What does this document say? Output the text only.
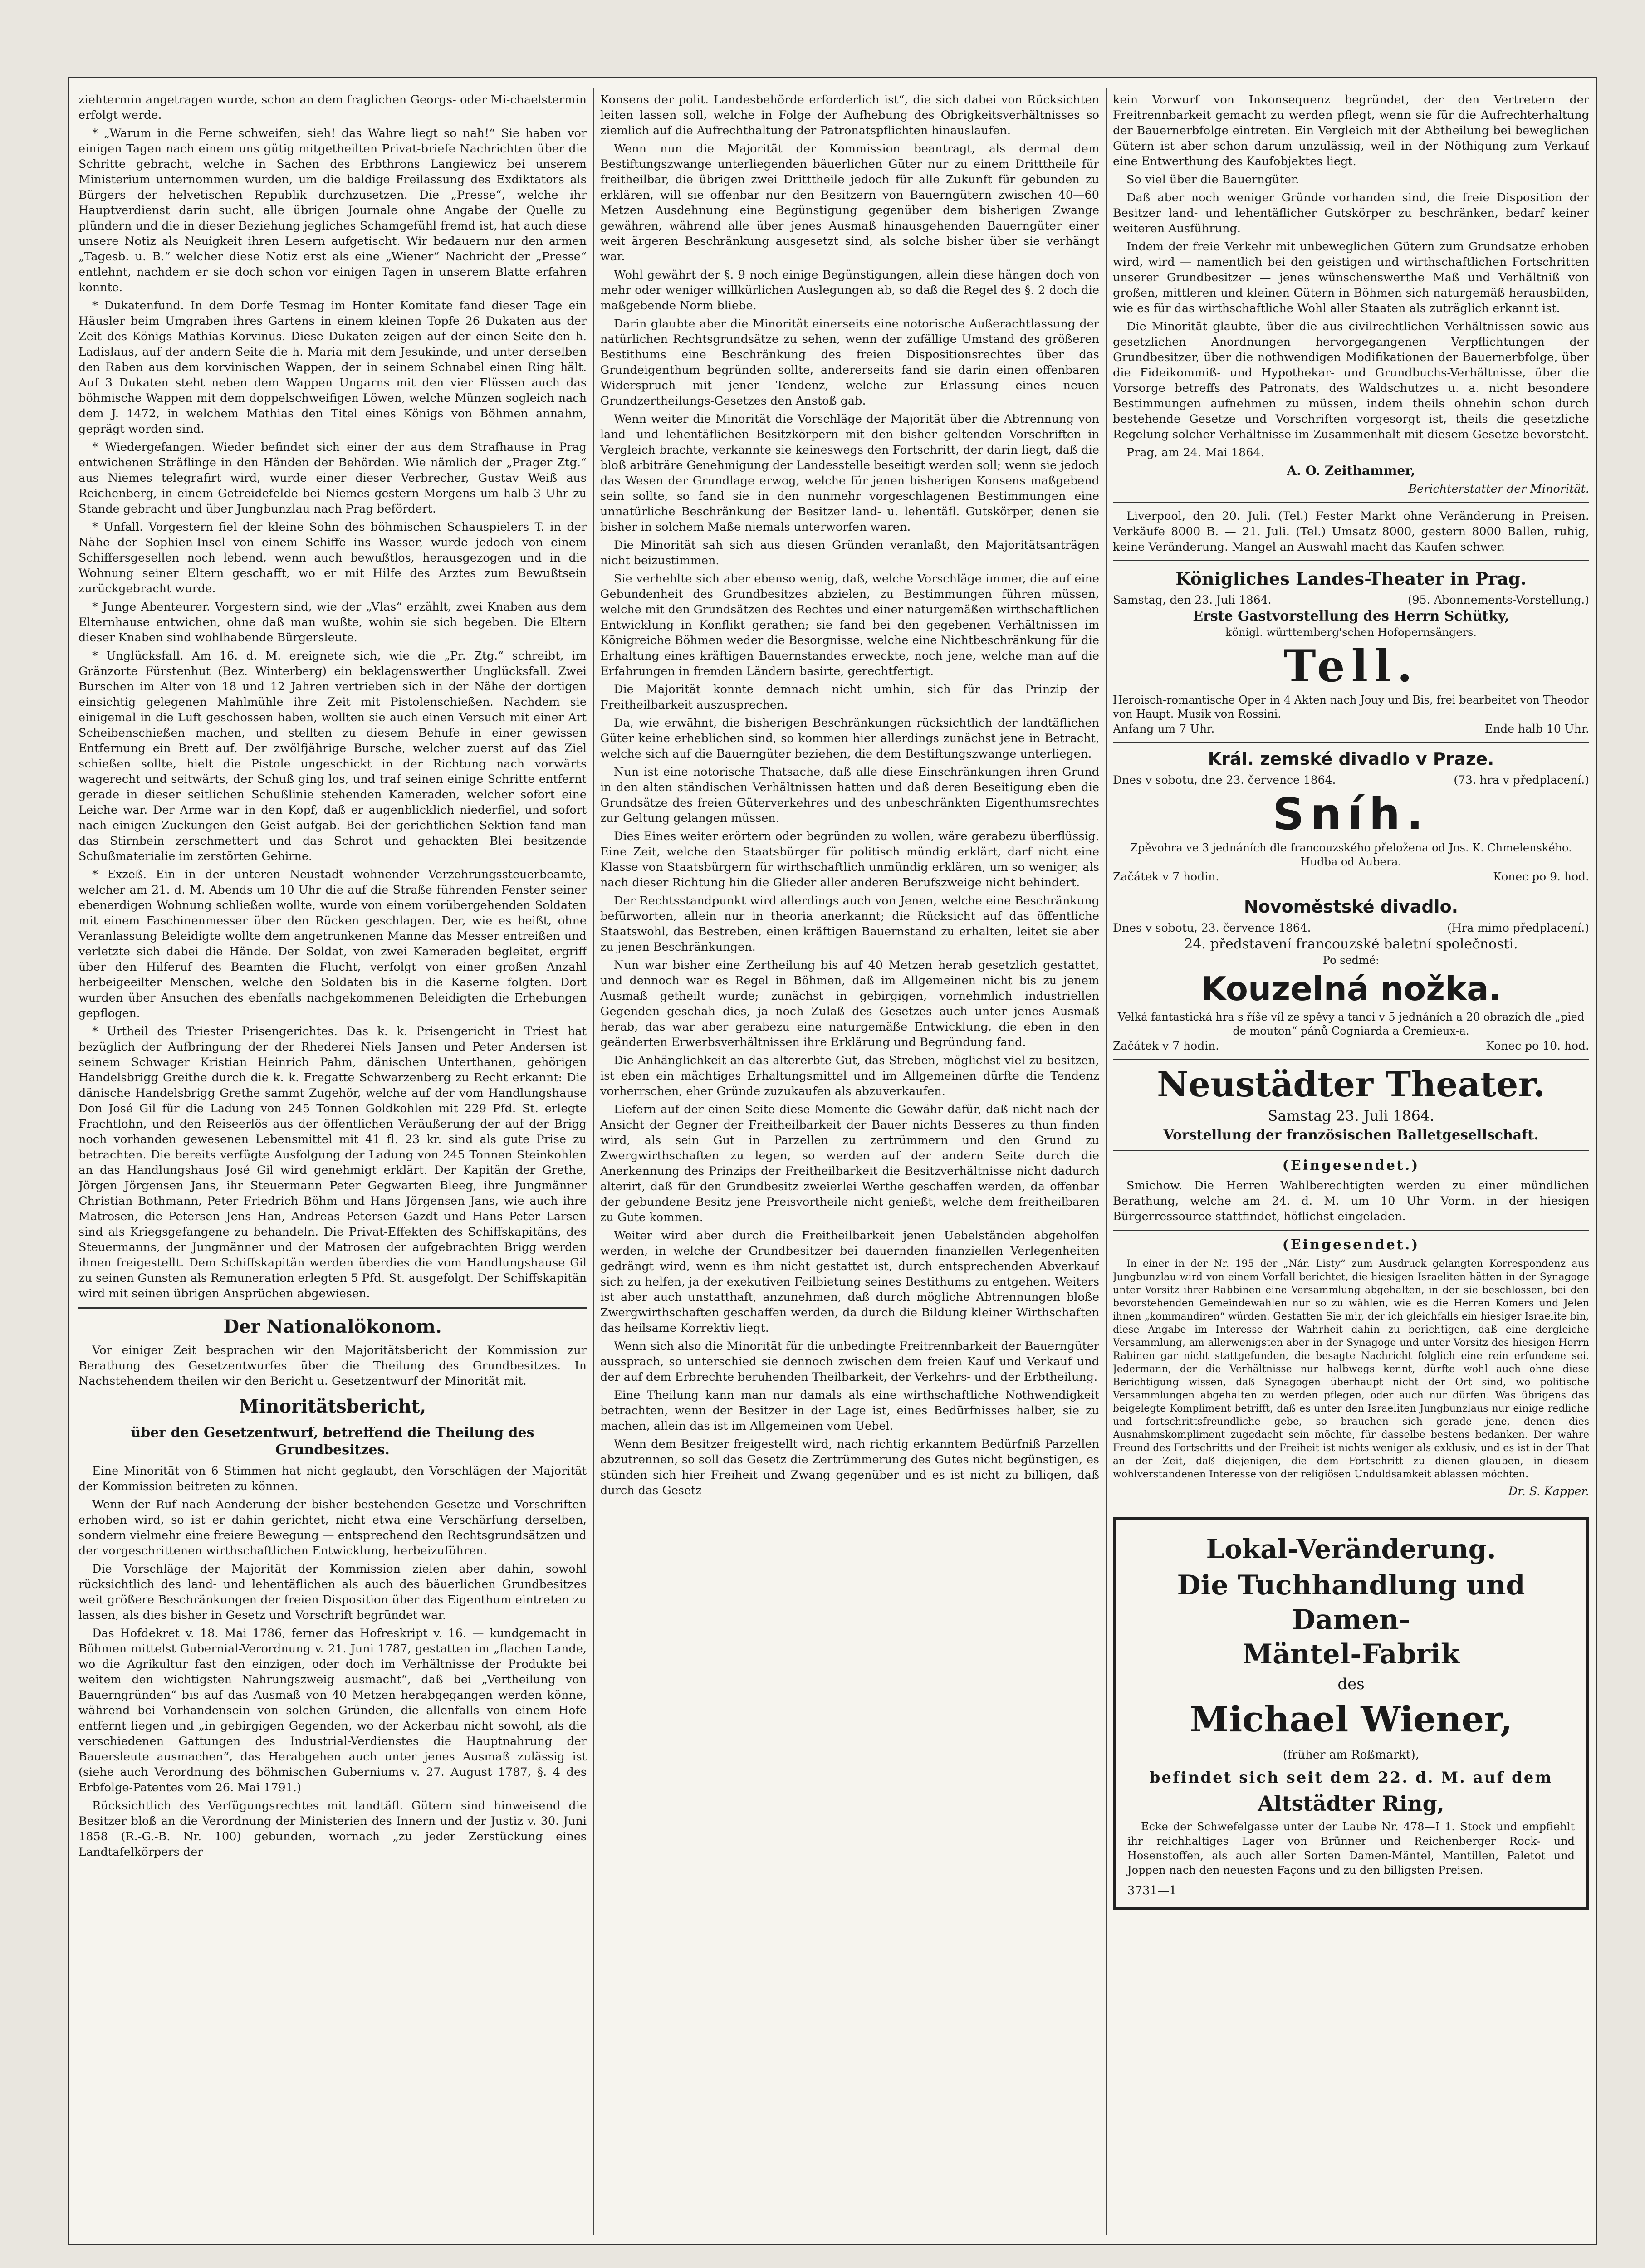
ziehtermin angetragen wurde, schon an dem fraglichen Georgs- oder Mi-chaelstermin erfolgt werde.

* „Warum in die Ferne schweifen, sieh! das Wahre liegt so nah!“ Sie haben vor einigen Tagen nach einem uns gütig mitgetheilten Privat-briefe Nachrichten über die Schritte gebracht, welche in Sachen des Erbthrons Langiewicz bei unserem Ministerium unternommen wurden, um die baldige Freilassung des Exdiktators als Bürgers der helvetischen Republik durchzusetzen. Die „Presse“, welche ihr Hauptverdienst darin sucht, alle übrigen Journale ohne Angabe der Quelle zu plündern und die in dieser Beziehung jegliches Schamgefühl fremd ist, hat auch diese unsere Notiz als Neuigkeit ihren Lesern aufgetischt. Wir bedauern nur den armen „Tagesb. u. B.“ welcher diese Notiz erst als eine „Wiener“ Nachricht der „Presse“ entlehnt, nachdem er sie doch schon vor einigen Tagen in unserem Blatte erfahren konnte.

* Dukatenfund. In dem Dorfe Tesmag im Honter Komitate fand dieser Tage ein Häusler beim Umgraben ihres Gartens in einem kleinen Topfe 26 Dukaten aus der Zeit des Königs Mathias Korvinus. Diese Dukaten zeigen auf der einen Seite den h. Ladislaus, auf der andern Seite die h. Maria mit dem Jesukinde, und unter derselben den Raben aus dem korvinischen Wappen, der in seinem Schnabel einen Ring hält. Auf 3 Dukaten steht neben dem Wappen Ungarns mit den vier Flüssen auch das böhmische Wappen mit dem doppelschweifigen Löwen, welche Münzen sogleich nach dem J. 1472, in welchem Mathias den Titel eines Königs von Böhmen annahm, geprägt worden sind.

* Wiedergefangen. Wieder befindet sich einer der aus dem Strafhause in Prag entwichenen Sträflinge in den Händen der Behörden. Wie nämlich der „Prager Ztg.“ aus Niemes telegrafirt wird, wurde einer dieser Verbrecher, Gustav Weiß aus Reichenberg, in einem Getreidefelde bei Niemes gestern Morgens um halb 3 Uhr zu Stande gebracht und über Jungbunzlau nach Prag befördert.

* Unfall. Vorgestern fiel der kleine Sohn des böhmischen Schauspielers T. in der Nähe der Sophien-Insel von einem Schiffe ins Wasser, wurde jedoch von einem Schiffersgesellen noch lebend, wenn auch bewußtlos, herausgezogen und in die Wohnung seiner Eltern geschafft, wo er mit Hilfe des Arztes zum Bewußtsein zurückgebracht wurde.

* Junge Abenteurer. Vorgestern sind, wie der „Vlas“ erzählt, zwei Knaben aus dem Elternhause entwichen, ohne daß man wußte, wohin sie sich begeben. Die Eltern dieser Knaben sind wohlhabende Bürgersleute.

* Unglücksfall. Am 16. d. M. ereignete sich, wie die „Pr. Ztg.“ schreibt, im Gränzorte Fürstenhut (Bez. Winterberg) ein beklagenswerther Unglücksfall. Zwei Burschen im Alter von 18 und 12 Jahren vertrieben sich in der Nähe der dortigen einsichtig gelegenen Mahlmühle ihre Zeit mit Pistolenschießen. Nachdem sie einigemal in die Luft geschossen haben, wollten sie auch einen Versuch mit einer Art Scheibenschießen machen, und stellten zu diesem Behufe in einer gewissen Entfernung ein Brett auf. Der zwölfjährige Bursche, welcher zuerst auf das Ziel schießen sollte, hielt die Pistole ungeschickt in der Richtung nach vorwärts wagerecht und seitwärts, der Schuß ging los, und traf seinen einige Schritte entfernt gerade in dieser seitlichen Schußlinie stehenden Kameraden, welcher sofort eine Leiche war. Der Arme war in den Kopf, daß er augenblicklich niederfiel, und sofort nach einigen Zuckungen den Geist aufgab. Bei der gerichtlichen Sektion fand man das Stirnbein zerschmettert und das Schrot und gehackten Blei besitzende Schußmaterialie im zerstörten Gehirne.

* Exzeß. Ein in der unteren Neustadt wohnender Verzehrungssteuerbeamte, welcher am 21. d. M. Abends um 10 Uhr die auf die Straße führenden Fenster seiner ebenerdigen Wohnung schließen wollte, wurde von einem vorübergehenden Soldaten mit einem Faschinenmesser über den Rücken geschlagen. Der, wie es heißt, ohne Veranlassung Beleidigte wollte dem angetrunkenen Manne das Messer entreißen und verletzte sich dabei die Hände. Der Soldat, von zwei Kameraden begleitet, ergriff über den Hilferuf des Beamten die Flucht, verfolgt von einer großen Anzahl herbeigeeilter Menschen, welche den Soldaten bis in die Kaserne folgten. Dort wurden über Ansuchen des ebenfalls nachgekommenen Beleidigten die Erhebungen gepflogen.

* Urtheil des Triester Prisengerichtes. Das k. k. Prisengericht in Triest hat bezüglich der Aufbringung der der Rhederei Niels Jansen und Peter Andersen ist seinem Schwager Kristian Heinrich Pahm, dänischen Unterthanen, gehörigen Handelsbrigg Greithe durch die k. k. Fregatte Schwarzenberg zu Recht erkannt: Die dänische Handelsbrigg Grethe sammt Zugehör, welche auf der vom Handlungshause Don José Gil für die Ladung von 245 Tonnen Goldkohlen mit 229 Pfd. St. erlegte Frachtlohn, und den Reiseerlös aus der öffentlichen Veräußerung der auf der Brigg noch vorhanden gewesenen Lebensmittel mit 41 fl. 23 kr. sind als gute Prise zu betrachten. Die bereits verfügte Ausfolgung der Ladung von 245 Tonnen Steinkohlen an das Handlungshaus José Gil wird genehmigt erklärt. Der Kapitän der Grethe, Jörgen Jörgensen Jans, ihr Steuermann Peter Gegwarten Bleeg, ihre Jungmänner Christian Bothmann, Peter Friedrich Böhm und Hans Jörgensen Jans, wie auch ihre Matrosen, die Petersen Jens Han, Andreas Petersen Gazdt und Hans Peter Larsen sind als Kriegsgefangene zu behandeln. Die Privat-Effekten des Schiffskapitäns, des Steuermanns, der Jungmänner und der Matrosen der aufgebrachten Brigg werden ihnen freigestellt. Dem Schiffskapitän werden überdies die vom Handlungshause Gil zu seinen Gunsten als Remuneration erlegten 5 Pfd. St. ausgefolgt. Der Schiffskapitän wird mit seinen übrigen Ansprüchen abgewiesen.

Der Nationalökonom.

Vor einiger Zeit besprachen wir den Majoritätsbericht der Kommission zur Berathung des Gesetzentwurfes über die Theilung des Grundbesitzes. In Nachstehendem theilen wir den Bericht u. Gesetzentwurf der Minorität mit.

Minoritätsbericht,
über den Gesetzentwurf, betreffend die Theilung des Grundbesitzes.

Eine Minorität von 6 Stimmen hat nicht geglaubt, den Vorschlägen der Majorität der Kommission beitreten zu können.

Wenn der Ruf nach Aenderung der bisher bestehenden Gesetze und Vorschriften erhoben wird, so ist er dahin gerichtet, nicht etwa eine Verschärfung derselben, sondern vielmehr eine freiere Bewegung — entsprechend den Rechtsgrundsätzen und der vorgeschrittenen wirthschaftlichen Entwicklung, herbeizuführen.

Die Vorschläge der Majorität der Kommission zielen aber dahin, sowohl rücksichtlich des land- und lehentäflichen als auch des bäuerlichen Grundbesitzes weit größere Beschränkungen der freien Disposition über das Eigenthum eintreten zu lassen, als dies bisher in Gesetz und Vorschrift begründet war.

Das Hofdekret v. 18. Mai 1786, ferner das Hofreskript v. 16. — kundgemacht in Böhmen mittelst Gubernial-Verordnung v. 21. Juni 1787, gestatten im „flachen Lande, wo die Agrikultur fast den einzigen, oder doch im Verhältnisse der Produkte bei weitem den wichtigsten Nahrungszweig ausmacht“, daß bei „Vertheilung von Bauerngründen“ bis auf das Ausmaß von 40 Metzen herabgegangen werden könne, während bei Vorhandensein von solchen Gründen, die allenfalls von einem Hofe entfernt liegen und „in gebirgigen Gegenden, wo der Ackerbau nicht sowohl, als die verschiedenen Gattungen des Industrial-Verdienstes die Hauptnahrung der Bauersleute ausmachen“, das Herabgehen auch unter jenes Ausmaß zulässig ist (siehe auch Verordnung des böhmischen Guberniums v. 27. August 1787, §. 4 des Erbfolge-Patentes vom 26. Mai 1791.)

Rücksichtlich des Verfügungsrechtes mit landtäfl. Gütern sind hinweisend die Besitzer bloß an die Verordnung der Ministerien des Innern und der Justiz v. 30. Juni 1858 (R.-G.-B. Nr. 100) gebunden, wornach „zu jeder Zerstückung eines Landtafelkörpers der

Konsens der polit. Landesbehörde erforderlich ist“, die sich dabei von Rücksichten leiten lassen soll, welche in Folge der Aufhebung des Obrigkeitsverhältnisses so ziemlich auf die Aufrechthaltung der Patronatspflichten hinauslaufen.

Wenn nun die Majorität der Kommission beantragt, als dermal dem Bestiftungszwange unterliegenden bäuerlichen Güter nur zu einem Dritttheile für freitheilbar, die übrigen zwei Dritttheile jedoch für alle Zukunft für gebunden zu erklären, will sie offenbar nur den Besitzern von Bauerngütern zwischen 40—60 Metzen Ausdehnung eine Begünstigung gegenüber dem bisherigen Zwange gewähren, während alle über jenes Ausmaß hinausgehenden Bauerngüter einer weit ärgeren Beschränkung ausgesetzt sind, als solche bisher über sie verhängt war.

Wohl gewährt der §. 9 noch einige Begünstigungen, allein diese hängen doch von mehr oder weniger willkürlichen Auslegungen ab, so daß die Regel des §. 2 doch die maßgebende Norm bliebe.

Darin glaubte aber die Minorität einerseits eine notorische Außerachtlassung der natürlichen Rechtsgrundsätze zu sehen, wenn der zufällige Umstand des größeren Bestithums eine Beschränkung des freien Dispositionsrechtes über das Grundeigenthum begründen sollte, andererseits fand sie darin einen offenbaren Widerspruch mit jener Tendenz, welche zur Erlassung eines neuen Grundzertheilungs-Gesetzes den Anstoß gab.

Wenn weiter die Minorität die Vorschläge der Majorität über die Abtrennung von land- und lehentäflichen Besitzkörpern mit den bisher geltenden Vorschriften in Vergleich brachte, verkannte sie keineswegs den Fortschritt, der darin liegt, daß die bloß arbiträre Genehmigung der Landesstelle beseitigt werden soll; wenn sie jedoch das Wesen der Grundlage erwog, welche für jenen bisherigen Konsens maßgebend sein sollte, so fand sie in den nunmehr vorgeschlagenen Bestimmungen eine unnatürliche Beschränkung der Besitzer land- u. lehentäfl. Gutskörper, denen sie bisher in solchem Maße niemals unterworfen waren.

Die Minorität sah sich aus diesen Gründen veranlaßt, den Majoritätsanträgen nicht beizustimmen.

Sie verhehlte sich aber ebenso wenig, daß, welche Vorschläge immer, die auf eine Gebundenheit des Grundbesitzes abzielen, zu Bestimmungen führen müssen, welche mit den Grundsätzen des Rechtes und einer naturgemäßen wirthschaftlichen Entwicklung in Konflikt gerathen; sie fand bei den gegebenen Verhältnissen im Königreiche Böhmen weder die Besorgnisse, welche eine Nichtbeschränkung für die Erhaltung eines kräftigen Bauernstandes erweckte, noch jene, welche man auf die Erfahrungen in fremden Ländern basirte, gerechtfertigt.

Die Majorität konnte demnach nicht umhin, sich für das Prinzip der Freitheilbarkeit auszusprechen.

Da, wie erwähnt, die bisherigen Beschränkungen rücksichtlich der landtäflichen Güter keine erheblichen sind, so kommen hier allerdings zunächst jene in Betracht, welche sich auf die Bauerngüter beziehen, die dem Bestiftungszwange unterliegen.

Nun ist eine notorische Thatsache, daß alle diese Einschränkungen ihren Grund in den alten ständischen Verhältnissen hatten und daß deren Beseitigung eben die Grundsätze des freien Güterverkehres und des unbeschränkten Eigenthumsrechtes zur Geltung gelangen müssen.

Dies Eines weiter erörtern oder begründen zu wollen, wäre gerabezu überflüssig. Eine Zeit, welche den Staatsbürger für politisch mündig erklärt, darf nicht eine Klasse von Staatsbürgern für wirthschaftlich unmündig erklären, um so weniger, als nach dieser Richtung hin die Glieder aller anderen Berufszweige nicht behindert.

Der Rechtsstandpunkt wird allerdings auch von Jenen, welche eine Beschränkung befürworten, allein nur in theoria anerkannt; die Rücksicht auf das öffentliche Staatswohl, das Bestreben, einen kräftigen Bauernstand zu erhalten, leitet sie aber zu jenen Beschränkungen.

Nun war bisher eine Zertheilung bis auf 40 Metzen herab gesetzlich gestattet, und dennoch war es Regel in Böhmen, daß im Allgemeinen nicht bis zu jenem Ausmaß getheilt wurde; zunächst in gebirgigen, vornehmlich industriellen Gegenden geschah dies, ja noch Zulaß des Gesetzes auch unter jenes Ausmaß herab, das war aber gerabezu eine naturgemäße Entwicklung, die eben in den geänderten Erwerbsverhältnissen ihre Erklärung und Begründung fand.

Die Anhänglichkeit an das altererbte Gut, das Streben, möglichst viel zu besitzen, ist eben ein mächtiges Erhaltungsmittel und im Allgemeinen dürfte die Tendenz vorherrschen, eher Gründe zuzukaufen als abzuverkaufen.

Liefern auf der einen Seite diese Momente die Gewähr dafür, daß nicht nach der Ansicht der Gegner der Freitheilbarkeit der Bauer nichts Besseres zu thun finden wird, als sein Gut in Parzellen zu zertrümmern und den Grund zu Zwergwirthschaften zu legen, so werden auf der andern Seite durch die Anerkennung des Prinzips der Freitheilbarkeit die Besitzverhältnisse nicht dadurch alterirt, daß für den Grundbesitz zweierlei Werthe geschaffen werden, da offenbar der gebundene Besitz jene Preisvortheile nicht genießt, welche dem freitheilbaren zu Gute kommen.

Weiter wird aber durch die Freitheilbarkeit jenen Uebelständen abgeholfen werden, in welche der Grundbesitzer bei dauernden finanziellen Verlegenheiten gedrängt wird, wenn es ihm nicht gestattet ist, durch entsprechenden Abverkauf sich zu helfen, ja der exekutiven Feilbietung seines Bestithums zu entgehen. Weiters ist aber auch unstatthaft, anzunehmen, daß durch mögliche Abtrennungen bloße Zwergwirthschaften geschaffen werden, da durch die Bildung kleiner Wirthschaften das heilsame Korrektiv liegt.

Wenn sich also die Minorität für die unbedingte Freitrennbarkeit der Bauerngüter aussprach, so unterschied sie dennoch zwischen dem freien Kauf und Verkauf und der auf dem Erbrechte beruhenden Theilbarkeit, der Verkehrs- und der Erbtheilung.

Eine Theilung kann man nur damals als eine wirthschaftliche Nothwendigkeit betrachten, wenn der Besitzer in der Lage ist, eines Bedürfnisses halber, sie zu machen, allein das ist im Allgemeinen vom Uebel.

Wenn dem Besitzer freigestellt wird, nach richtig erkanntem Bedürfniß Parzellen abzutrennen, so soll das Gesetz die Zertrümmerung des Gutes nicht begünstigen, es stünden sich hier Freiheit und Zwang gegenüber und es ist nicht zu billigen, daß durch das Gesetz

kein Vorwurf von Inkonsequenz begründet, der den Vertretern der Freitrennbarkeit gemacht zu werden pflegt, wenn sie für die Aufrechterhaltung der Bauernerbfolge eintreten. Ein Vergleich mit der Abtheilung bei beweglichen Gütern ist aber schon darum unzulässig, weil in der Nöthigung zum Verkauf eine Entwerthung des Kaufobjektes liegt.

So viel über die Bauerngüter.

Daß aber noch weniger Gründe vorhanden sind, die freie Disposition der Besitzer land- und lehentäflicher Gutskörper zu beschränken, bedarf keiner weiteren Ausführung.

Indem der freie Verkehr mit unbeweglichen Gütern zum Grundsatze erhoben wird, wird — namentlich bei den geistigen und wirthschaftlichen Fortschritten unserer Grundbesitzer — jenes wünschenswerthe Maß und Verhältniß von großen, mittleren und kleinen Gütern in Böhmen sich naturgemäß herausbilden, wie es für das wirthschaftliche Wohl aller Staaten als zuträglich erkannt ist.

Die Minorität glaubte, über die aus civilrechtlichen Verhältnissen sowie aus gesetzlichen Anordnungen hervorgegangenen Verpflichtungen der Grundbesitzer, über die nothwendigen Modifikationen der Bauernerbfolge, über die Fideikommiß- und Hypothekar- und Grundbuchs-Verhältnisse, über die Vorsorge betreffs des Patronats, des Waldschutzes u. a. nicht besondere Bestimmungen aufnehmen zu müssen, indem theils ohnehin schon durch bestehende Gesetze und Vorschriften vorgesorgt ist, theils die gesetzliche Regelung solcher Verhältnisse im Zusammenhalt mit diesem Gesetze bevorsteht.

Prag, am 24. Mai 1864.

A. O. Zeithammer,

Berichterstatter der Minorität.

Liverpool, den 20. Juli. (Tel.) Fester Markt ohne Veränderung in Preisen. Verkäufe 8000 B. — 21. Juli. (Tel.) Umsatz 8000, gestern 8000 Ballen, ruhig, keine Veränderung. Mangel an Auswahl macht das Kaufen schwer.

Königliches Landes-Theater in Prag.
Samstag, den 23. Juli 1864.	(95. Abonnements-Vorstellung.)

Erste Gastvorstellung des Herrn Schütky,

königl. württemberg'schen Hofopernsängers.

Tell.

Heroisch-romantische Oper in 4 Akten nach Jouy und Bis, frei bearbeitet von Theodor von Haupt. Musik von Rossini.

Anfang um 7 Uhr.	Ende halb 10 Uhr.
Král. zemské divadlo v Praze.
Dnes v sobotu, dne 23. července 1864.	(73. hra v předplacení.)
Sníh.

Zpěvohra ve 3 jednáních dle francouzského přeložena od Jos. K. Chmelenského. Hudba od Aubera.

Začátek v 7 hodin.	Konec po 9. hod.
Novoměstské divadlo.
Dnes v sobotu, 23. července 1864.	(Hra mimo předplacení.)

24. představení francouzské baletní společnosti.

Po sedmé:

Kouzelná nožka.

Velká fantastická hra s říše víl ze spěvy a tanci v 5 jednáních a 20 obrazích dle „pied de mouton“ pánů Cogniarda a Cremieux-a.

Začátek v 7 hodin.	Konec po 10. hod.
Neustädter Theater.

Samstag 23. Juli 1864.

Vorstellung der französischen Balletgesellschaft.

(Eingesendet.)

Smichow. Die Herren Wahlberechtigten werden zu einer mündlichen Berathung, welche am 24. d. M. um 10 Uhr Vorm. in der hiesigen Bürgerressource stattfindet, höflichst eingeladen.

(Eingesendet.)

In einer in der Nr. 195 der „Nár. Listy“ zum Ausdruck gelangten Korrespondenz aus Jungbunzlau wird von einem Vorfall berichtet, die hiesigen Israeliten hätten in der Synagoge unter Vorsitz ihrer Rabbinen eine Versammlung abgehalten, in der sie beschlossen, bei den bevorstehenden Gemeindewahlen nur so zu wählen, wie es die Herren Komers und Jelen ihnen „kommandiren“ würden. Gestatten Sie mir, der ich gleichfalls ein hiesiger Israelite bin, diese Angabe im Interesse der Wahrheit dahin zu berichtigen, daß eine dergleiche Versammlung, am allerwenigsten aber in der Synagoge und unter Vorsitz des hiesigen Herrn Rabinen gar nicht stattgefunden, die besagte Nachricht folglich eine rein erfundene sei. Jedermann, der die Verhältnisse nur halbwegs kennt, dürfte wohl auch ohne diese Berichtigung wissen, daß Synagogen überhaupt nicht der Ort sind, wo politische Versammlungen abgehalten zu werden pflegen, oder auch nur dürfen. Was übrigens das beigelegte Kompliment betrifft, daß es unter den Israeliten Jungbunzlaus nur einige redliche und fortschrittsfreundliche gebe, so brauchen sich gerade jene, denen dies Ausnahmskompliment zugedacht sein möchte, für dasselbe bestens bedanken. Der wahre Freund des Fortschritts und der Freiheit ist nichts weniger als exklusiv, und es ist in der That an der Zeit, daß diejenigen, die dem Fortschritt zu dienen glauben, in diesem wohlverstandenen Interesse von der religiösen Unduldsamkeit ablassen möchten.

Dr. S. Kapper.

Lokal-Veränderung.
Die Tuchhandlung und Damen-
Mäntel-Fabrik
des
Michael Wiener,
(früher am Roßmarkt),
befindet sich seit dem 22. d. M. auf dem
Altstädter Ring,

Ecke der Schwefelgasse unter der Laube Nr. 478—I 1. Stock und empfiehlt ihr reichhaltiges Lager von Brünner und Reichenberger Rock- und Hosenstoffen, als auch aller Sorten Damen-Mäntel, Mantillen, Paletot und Joppen nach den neuesten Façons und zu den billigsten Preisen.

3731—1
